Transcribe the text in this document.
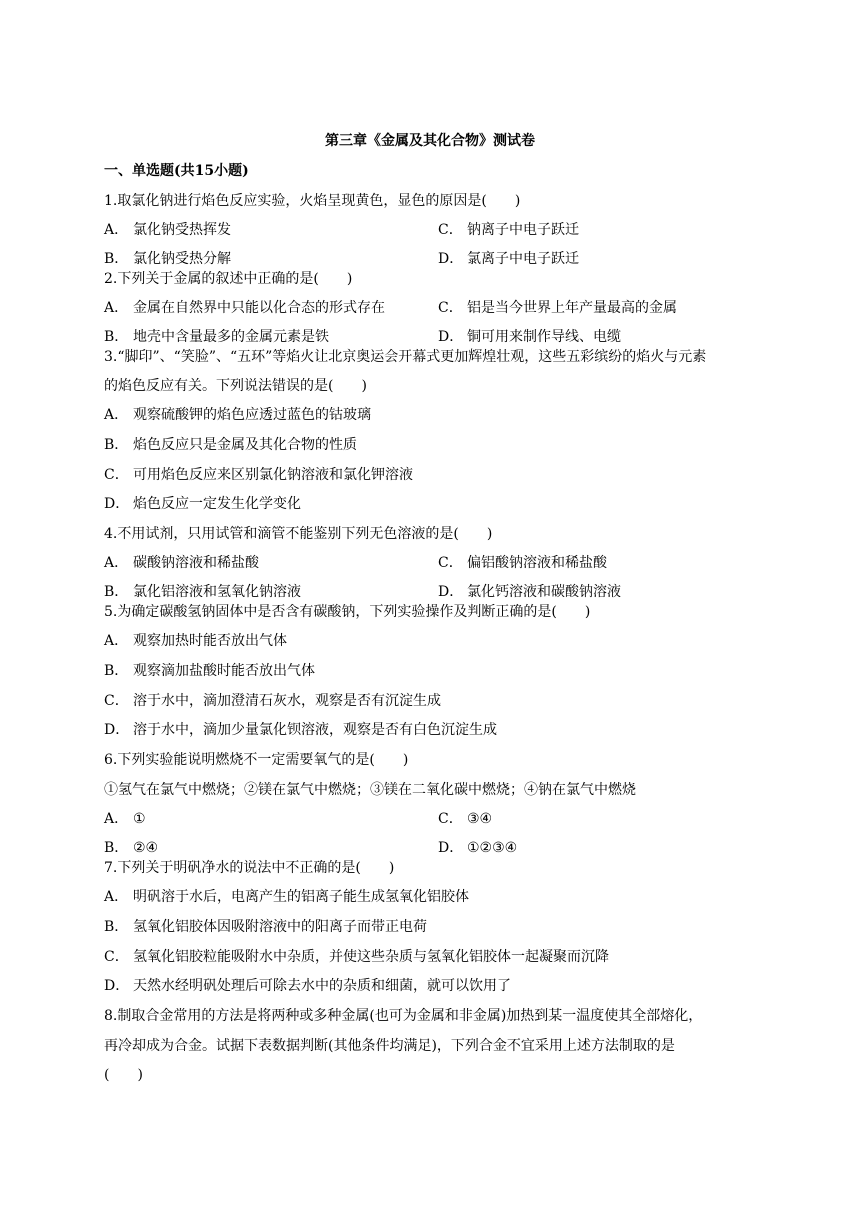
第三章《金属及其化合物》测试卷
一、单选题(共15小题)
1.取氯化钠进行焰色反应实验，火焰呈现黄色，显色的原因是(　　)
A． 氯化钠受热挥发	C． 钠离子中电子跃迁
B． 氯化钠受热分解	D． 氯离子中电子跃迁
2.下列关于金属的叙述中正确的是(　　)
A． 金属在自然界中只能以化合态的形式存在	C． 铝是当今世界上年产量最高的金属
B． 地壳中含量最多的金属元素是铁	D． 铜可用来制作导线、电缆
3.“脚印”、“笑脸”、“五环”等焰火让北京奥运会开幕式更加辉煌壮观，这些五彩缤纷的焰火与元素
的焰色反应有关。下列说法错误的是(　　)
A． 观察硫酸钾的焰色应透过蓝色的钴玻璃
B． 焰色反应只是金属及其化合物的性质
C． 可用焰色反应来区别氯化钠溶液和氯化钾溶液
D． 焰色反应一定发生化学变化
4.不用试剂，只用试管和滴管不能鉴别下列无色溶液的是(　　)
A． 碳酸钠溶液和稀盐酸	C． 偏铝酸钠溶液和稀盐酸
B． 氯化铝溶液和氢氧化钠溶液	D． 氯化钙溶液和碳酸钠溶液
5.为确定碳酸氢钠固体中是否含有碳酸钠，下列实验操作及判断正确的是(　　)
A． 观察加热时能否放出气体
B． 观察滴加盐酸时能否放出气体
C． 溶于水中，滴加澄清石灰水，观察是否有沉淀生成
D． 溶于水中，滴加少量氯化钡溶液，观察是否有白色沉淀生成
6.下列实验能说明燃烧不一定需要氧气的是(　　)
①氢气在氯气中燃烧；②镁在氯气中燃烧；③镁在二氧化碳中燃烧；④钠在氯气中燃烧
A． ①	C． ③④
B． ②④	D． ①②③④
7.下列关于明矾净水的说法中不正确的是(　　)
A． 明矾溶于水后，电离产生的铝离子能生成氢氧化铝胶体
B． 氢氧化铝胶体因吸附溶液中的阳离子而带正电荷
C． 氢氧化铝胶粒能吸附水中杂质，并使这些杂质与氢氧化铝胶体一起凝聚而沉降
D． 天然水经明矾处理后可除去水中的杂质和细菌，就可以饮用了
8.制取合金常用的方法是将两种或多种金属(也可为金属和非金属)加热到某一温度使其全部熔化，
再冷却成为合金。试据下表数据判断(其他条件均满足)，下列合金不宜采用上述方法制取的是
(　　)
